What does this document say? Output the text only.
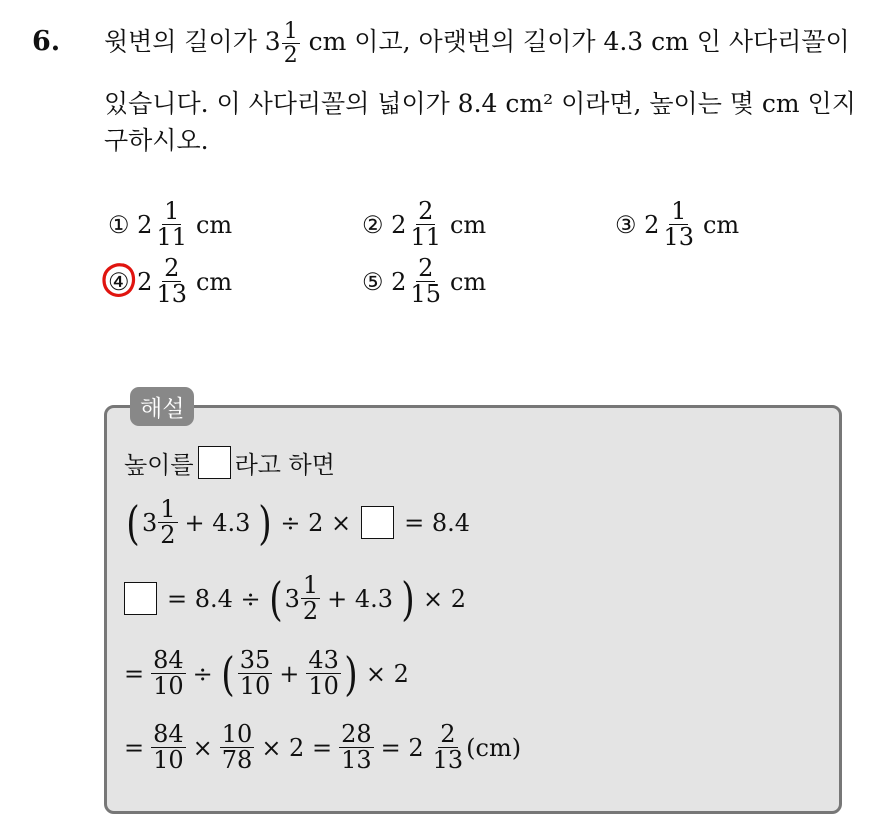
6. 윗변의 길이가 $3 \frac{1}{2}$ cm 이고, 아랫변의 길이가 4.3 cm 인 사다리꼴이
있습니다. 이 사다리꼴의 넓이가 8.4 cm² 이라면, 높이는 몇 cm 인지
구하시오.
①
$2 \frac{1}{11}$ cm	②
$2 \frac{2}{11}$ cm	③
$2 \frac{1}{13}$ cm
④
$2 \frac{2}{13}$ cm	⑤
$2 \frac{2}{15}$ cm
해설
높이를 라고 하면
( $3 \frac{1}{2} + 4.3$ ) ÷ 2 × = 8.4
= 8.4 ÷ ( $3 \frac{1}{2} + 4.3$ ) × 2
= $\frac{84}{10}$ ÷ ( $\frac{35}{10} + \frac{43}{10}$ ) × 2
= $\frac{84}{10} \times \frac{10}{78} \times 2 = \frac{28}{13} = 2 \frac{2}{13} (cm)$
